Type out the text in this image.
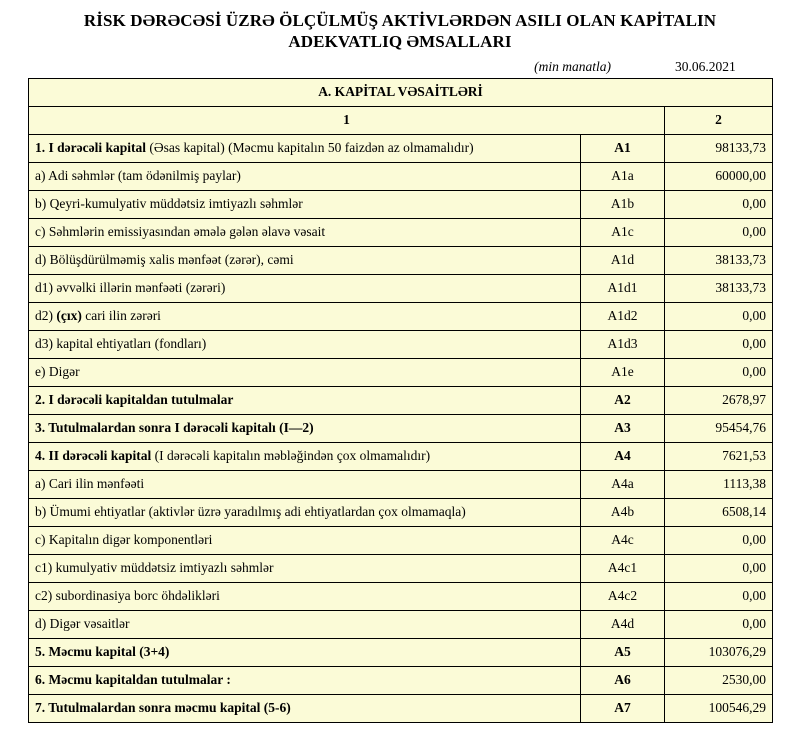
RİSK DƏRƏCƏSİ ÜZRƏ ÖLÇÜLMÜŞ AKTİVLƏRDƏN ASILI OLAN KAPİTALIN
ADEKVATLIQ ƏMSALLARI
(min manatla)	30.06.2021
A. KAPİTAL VƏSAİTLƏRİ		
1		2
1. I dərəcəli kapital (Əsas kapital) (Məcmu kapitalın 50 faizdən az olmamalıdır)	A1	98133,73
a) Adi səhmlər (tam ödənilmiş paylar)	A1a	60000,00
b) Qeyri-kumulyativ müddətsiz imtiyazlı səhmlər	A1b	0,00
c) Səhmlərin emissiyasından əmələ gələn əlavə vəsait	A1c	0,00
d) Bölüşdürülməmiş xalis mənfəət (zərər), cəmi	A1d	38133,73
d1) əvvəlki illərin mənfəəti (zərəri)	A1d1	38133,73
d2) (çıx) cari ilin zərəri	A1d2	0,00
d3) kapital ehtiyatları (fondları)	A1d3	0,00
e) Digər	A1e	0,00
2. I dərəcəli kapitaldan tutulmalar	A2	2678,97
3. Tutulmalardan sonra I dərəcəli kapitalı (I—2)	A3	95454,76
4. II dərəcəli kapital (I dərəcəli kapitalın məbləğindən çox olmamalıdır)	A4	7621,53
a) Cari ilin mənfəəti	A4a	1113,38
b) Ümumi ehtiyatlar (aktivlər üzrə yaradılmış adi ehtiyatlardan çox olmamaqla)	A4b	6508,14
c) Kapitalın digər komponentləri	A4c	0,00
c1) kumulyativ müddətsiz imtiyazlı səhmlər	A4c1	0,00
c2) subordinasiya borc öhdəlikləri	A4c2	0,00
d) Digər vəsaitlər	A4d	0,00
5. Məcmu kapital (3+4)	A5	103076,29
6. Məcmu kapitaldan tutulmalar :	A6	2530,00
7. Tutulmalardan sonra məcmu kapital (5-6)	A7	100546,29
